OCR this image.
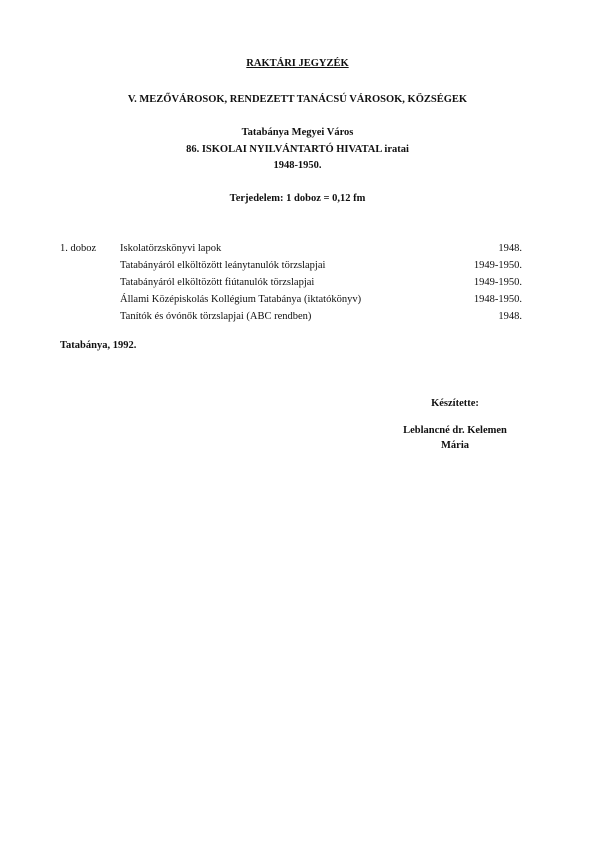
RAKTÁRI JEGYZÉK
V. MEZŐVÁROSOK, RENDEZETT TANÁCSÚ VÁROSOK, KÖZSÉGEK
Tatabánya Megyei Város
86. ISKOLAI NYILVÁNTARTÓ HIVATAL iratai
1948-1950.
Terjedelem: 1 doboz = 0,12 fm
1. doboz Iskolatörzskönyvi lapok	1948.
Tatabányáról elköltözött leánytanulók törzslapjai	1949-1950.
Tatabányáról elköltözött fiútanulók törzslapjai	1949-1950.
Állami Középiskolás Kollégium Tatabánya (iktatókönyv)	1948-1950.
Tanítók és óvónők törzslapjai (ABC rendben)	1948.
Tatabánya, 1992.
Készítette:
Leblancné dr. Kelemen
Mária
